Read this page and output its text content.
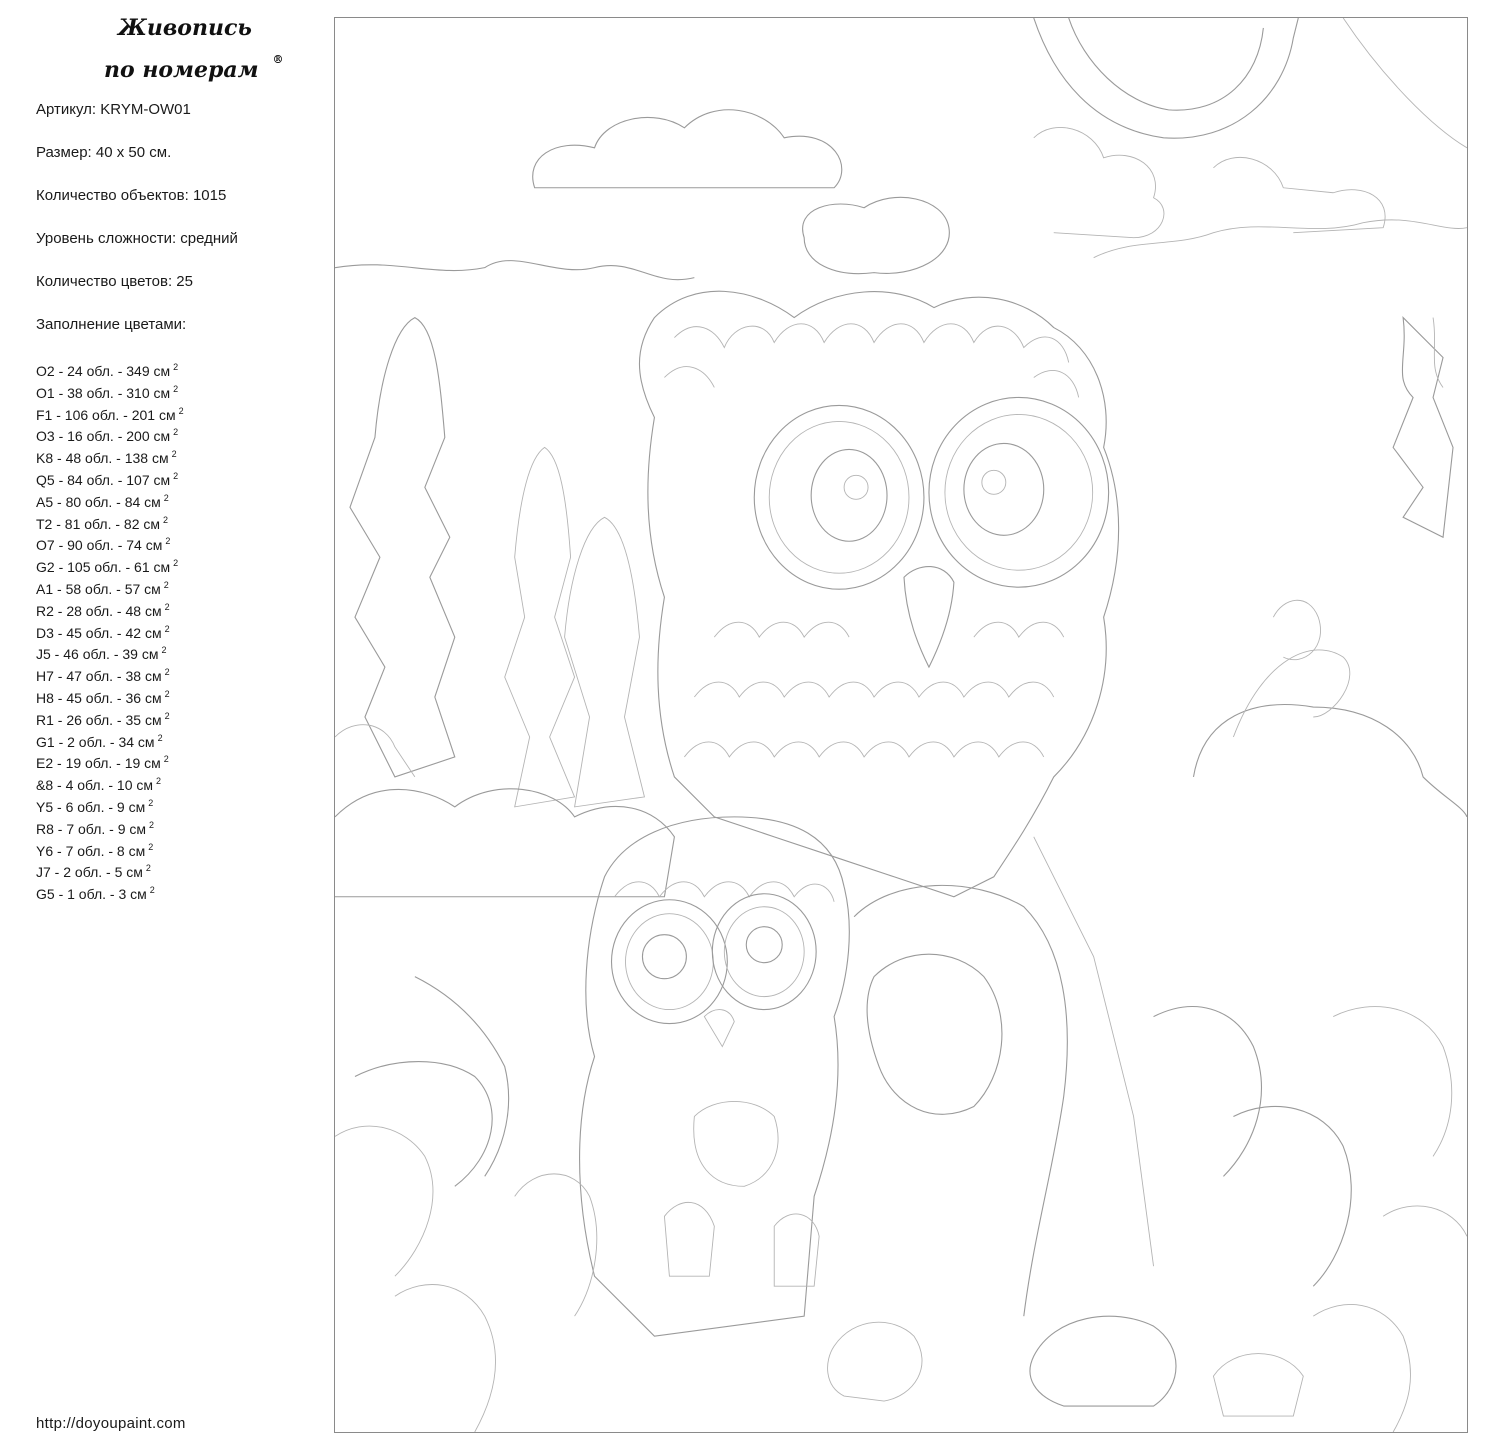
Живопись
по номерам ®
Артикул: KRYM-OW01
Размер: 40 х 50 см.
Количество объектов: 1015
Уровень сложности: средний
Количество цветов: 25
Заполнение цветами:
O2 - 24 обл. - 349 см $^2$
O1 - 38 обл. - 310 см $^2$
F1 - 106 обл. - 201 см $^2$
O3 - 16 обл. - 200 см $^2$
K8 - 48 обл. - 138 см $^2$
Q5 - 84 обл. - 107 см $^2$
A5 - 80 обл. - 84 см $^2$
T2 - 81 обл. - 82 см $^2$
O7 - 90 обл. - 74 см $^2$
G2 - 105 обл. - 61 см $^2$
A1 - 58 обл. - 57 см $^2$
R2 - 28 обл. - 48 см $^2$
D3 - 45 обл. - 42 см $^2$
J5 - 46 обл. - 39 см $^2$
H7 - 47 обл. - 38 см $^2$
H8 - 45 обл. - 36 см $^2$
R1 - 26 обл. - 35 см $^2$
G1 - 2 обл. - 34 см $^2$
E2 - 19 обл. - 19 см $^2$
&8 - 4 обл. - 10 см $^2$
Y5 - 6 обл. - 9 см $^2$
R8 - 7 обл. - 9 см $^2$
Y6 - 7 обл. - 8 см $^2$
J7 - 2 обл. - 5 см $^2$
G5 - 1 обл. - 3 см $^2$
http://doyoupaint.com
